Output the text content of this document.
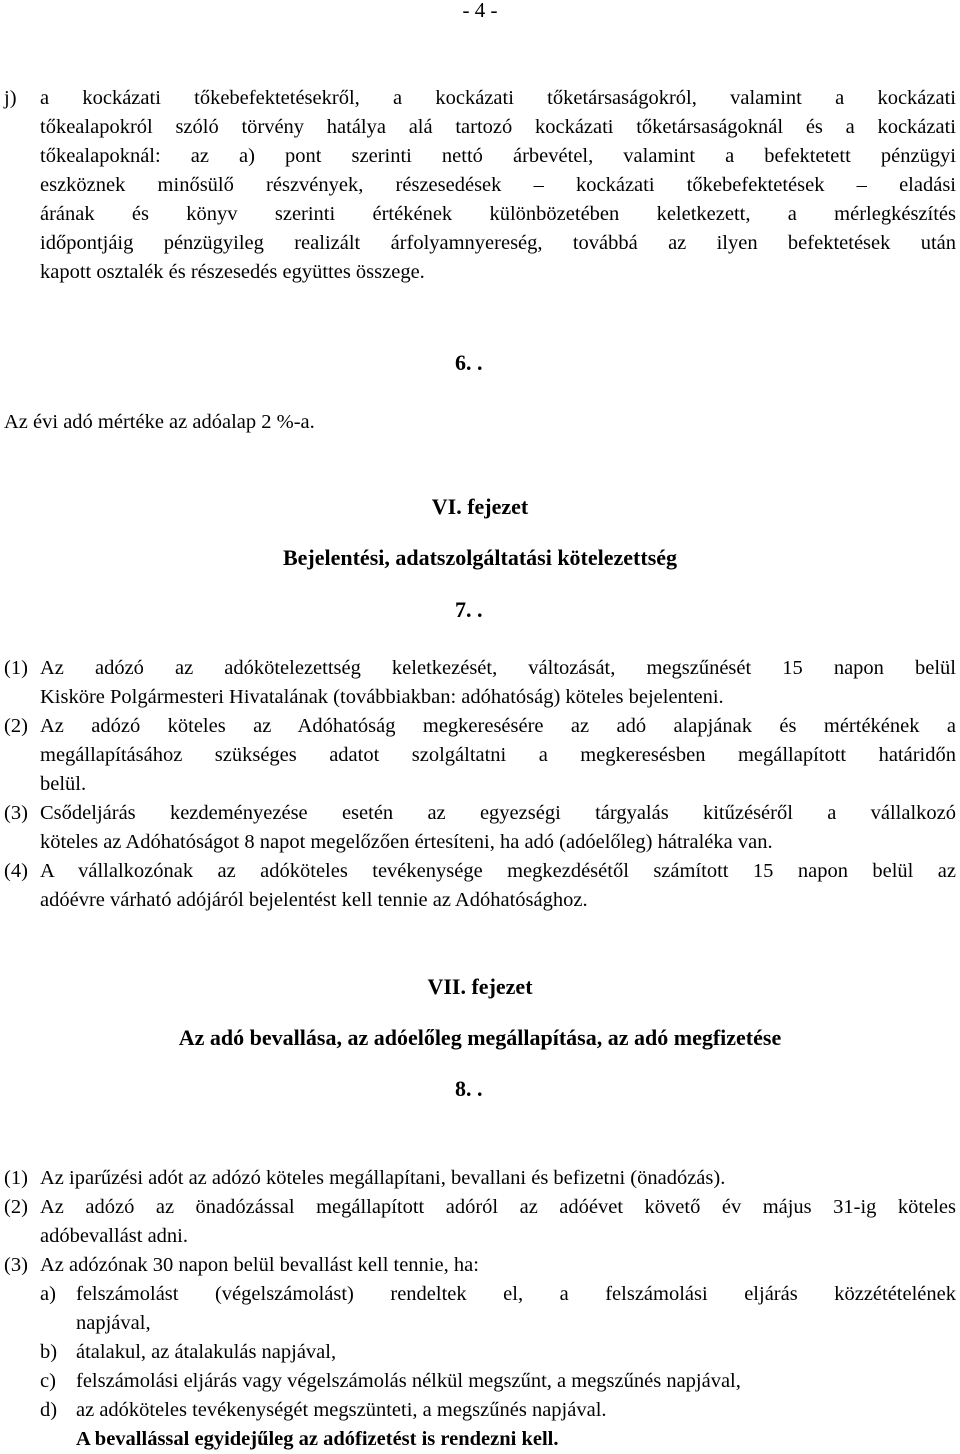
- 4 -
j) a kockázati tőkebefektetésekről, a kockázati tőketársaságokról, valamint a kockázati
tőkealapokról szóló törvény hatálya alá tartozó kockázati tőketársaságoknál és a kockázati
tőkealapoknál: az a) pont szerinti nettó árbevétel, valamint a befektetett pénzügyi
eszköznek minősülő részvények, részesedések – kockázati tőkebefektetések – eladási
árának és könyv szerinti értékének különbözetében keletkezett, a mérlegkészítés
időpontjáig pénzügyileg realizált árfolyamnyereség, továbbá az ilyen befektetések után
kapott osztalék és részesedés együttes összege.
6. .
Az évi adó mértéke az adóalap 2 %-a.
VI. fejezet
Bejelentési, adatszolgáltatási kötelezettség
7. .
(1) Az adózó az adókötelezettség keletkezését, változását, megszűnését 15 napon belül
Kisköre Polgármesteri Hivatalának (továbbiakban: adóhatóság) köteles bejelenteni.
(2) Az adózó köteles az Adóhatóság megkeresésére az adó alapjának és mértékének a
megállapításához szükséges adatot szolgáltatni a megkeresésben megállapított határidőn
belül.
(3) Csődeljárás kezdeményezése esetén az egyezségi tárgyalás kitűzéséről a vállalkozó
köteles az Adóhatóságot 8 napot megelőzően értesíteni, ha adó (adóelőleg) hátraléka van.
(4) A vállalkozónak az adóköteles tevékenysége megkezdésétől számított 15 napon belül az
adóévre várható adójáról bejelentést kell tennie az Adóhatósághoz.
VII. fejezet
Az adó bevallása, az adóelőleg megállapítása, az adó megfizetése
8. .
(1) Az iparűzési adót az adózó köteles megállapítani, bevallani és befizetni (önadózás).
(2) Az adózó az önadózással megállapított adóról az adóévet követő év május 31-ig köteles
adóbevallást adni.
(3) Az adózónak 30 napon belül bevallást kell tennie, ha:
a) felszámolást (végelszámolást) rendeltek el, a felszámolási eljárás közzétételének
napjával,
b) átalakul, az átalakulás napjával,
c) felszámolási eljárás vagy végelszámolás nélkül megszűnt, a megszűnés napjával,
d) az adóköteles tevékenységét megszünteti, a megszűnés napjával.
A bevallással egyidejűleg az adófizetést is rendezni kell.
